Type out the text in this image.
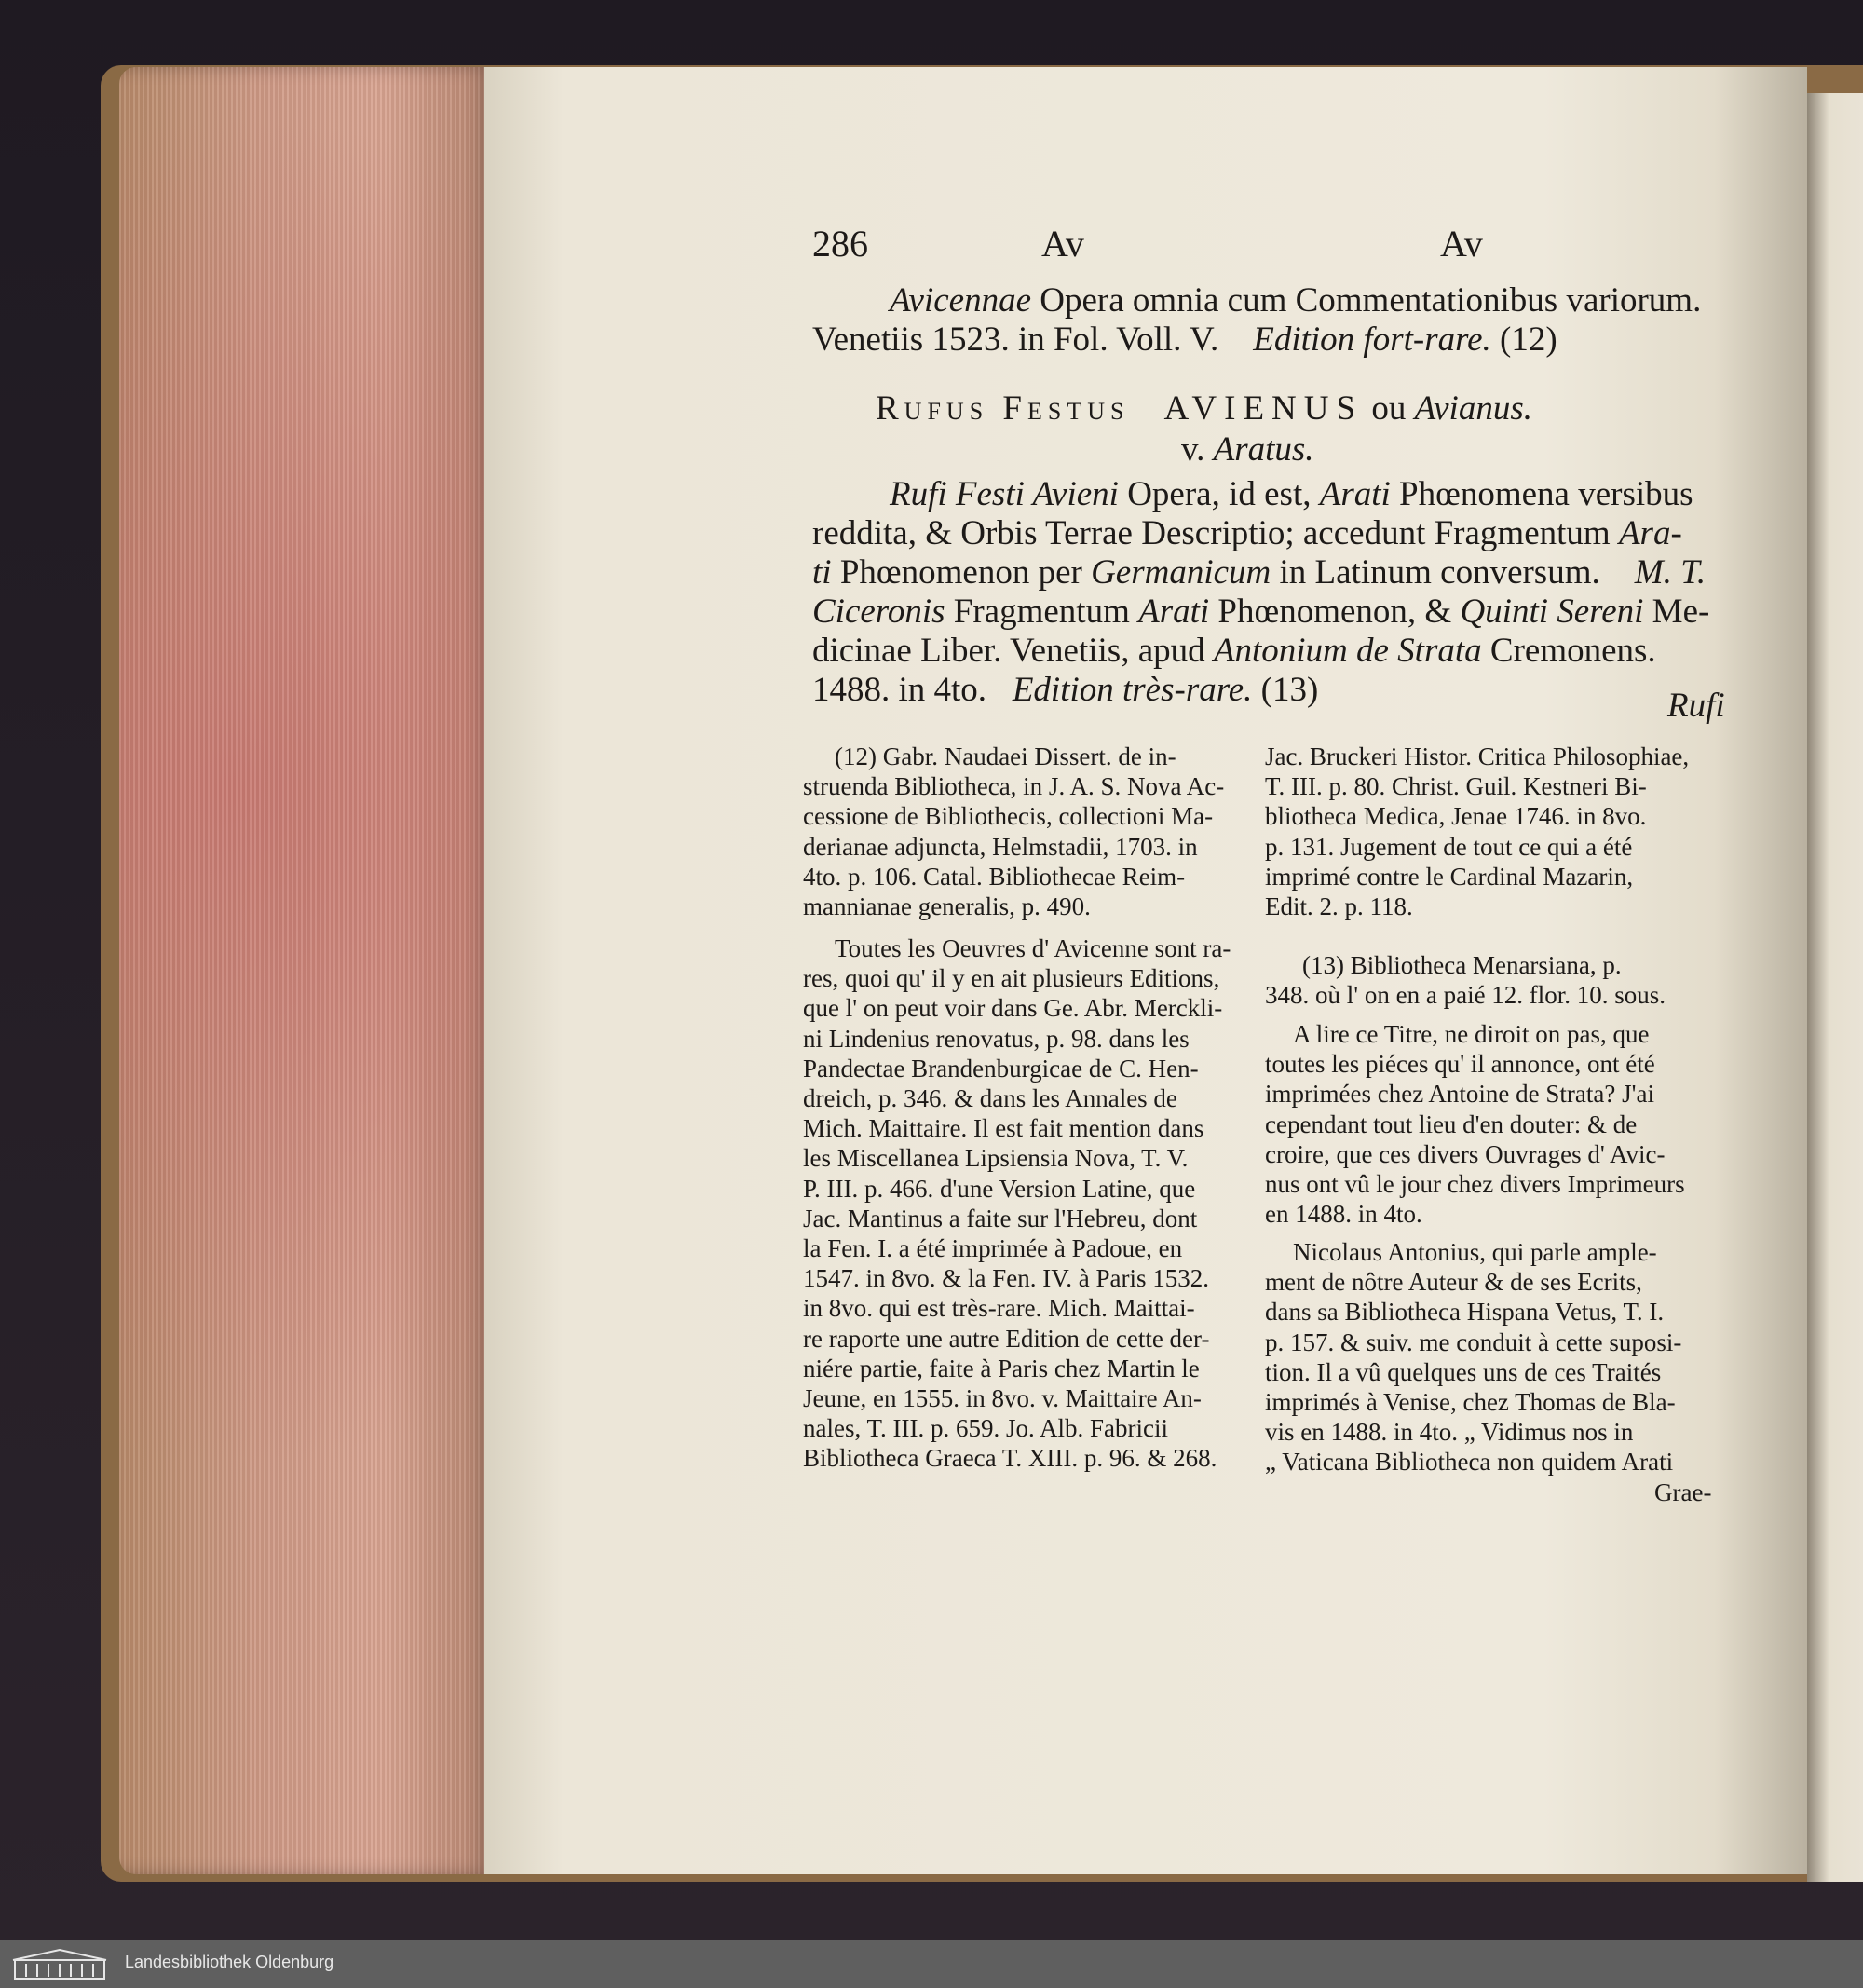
286	Av	Av
Avicennae Opera omnia cum Commentationibus variorum.
Venetiis 1523. in Fol. Voll. V. Edition fort-rare. (12)
Rufus Festus AVIENUS ou Avianus.
v. Aratus.
Rufi Festi Avieni Opera, id est, Arati Phœnomena versibus
reddita, & Orbis Terrae Descriptio; accedunt Fragmentum Ara-
ti Phœnomenon per Germanicum in Latinum conversum. M. T.
Ciceronis Fragmentum Arati Phœnomenon, & Quinti Sereni Me-
dicinae Liber. Venetiis, apud Antonium de Strata Cremonens.
1488. in 4to. Edition très-rare. (13)	Rufi
(12) Gabr. Naudaei Dissert. de in-
struenda Bibliotheca, in J. A. S. Nova Ac-
cessione de Bibliothecis, collectioni Ma-
derianae adjuncta, Helmstadii, 1703. in
4to. p. 106. Catal. Bibliothecae Reim-
mannianae generalis, p. 490.
Toutes les Oeuvres d' Avicenne sont ra-
res, quoi qu' il y en ait plusieurs Editions,
que l' on peut voir dans Ge. Abr. Merckli-
ni Lindenius renovatus, p. 98. dans les
Pandectae Brandenburgicae de C. Hen-
dreich, p. 346. & dans les Annales de
Mich. Maittaire. Il est fait mention dans
les Miscellanea Lipsiensia Nova, T. V.
P. III. p. 466. d'une Version Latine, que
Jac. Mantinus a faite sur l'Hebreu, dont
la Fen. I. a été imprimée à Padoue, en
1547. in 8vo. & la Fen. IV. à Paris 1532.
in 8vo. qui est très-rare. Mich. Maittai-
re raporte une autre Edition de cette der-
niére partie, faite à Paris chez Martin le
Jeune, en 1555. in 8vo. v. Maittaire An-
nales, T. III. p. 659. Jo. Alb. Fabricii
Bibliotheca Graeca T. XIII. p. 96. & 268.
Jac. Bruckeri Histor. Critica Philosophiae,
T. III. p. 80. Christ. Guil. Kestneri Bi-
bliotheca Medica, Jenae 1746. in 8vo.
p. 131. Jugement de tout ce qui a été
imprimé contre le Cardinal Mazarin,
Edit. 2. p. 118.
(13) Bibliotheca Menarsiana, p.
348. où l' on en a paié 12. flor. 10. sous.
A lire ce Titre, ne diroit on pas, que
toutes les piéces qu' il annonce, ont été
imprimées chez Antoine de Strata? J'ai
cependant tout lieu d'en douter: & de
croire, que ces divers Ouvrages d' Avic-
nus ont vû le jour chez divers Imprimeurs
en 1488. in 4to.
Nicolaus Antonius, qui parle ample-
ment de nôtre Auteur & de ses Ecrits,
dans sa Bibliotheca Hispana Vetus, T. I.
p. 157. & suiv. me conduit à cette suposi-
tion. Il a vû quelques uns de ces Traités
imprimés à Venise, chez Thomas de Bla-
vis en 1488. in 4to. „ Vidimus nos in
„ Vaticana Bibliotheca non quidem Arati
Grae-
Landesbibliothek Oldenburg
